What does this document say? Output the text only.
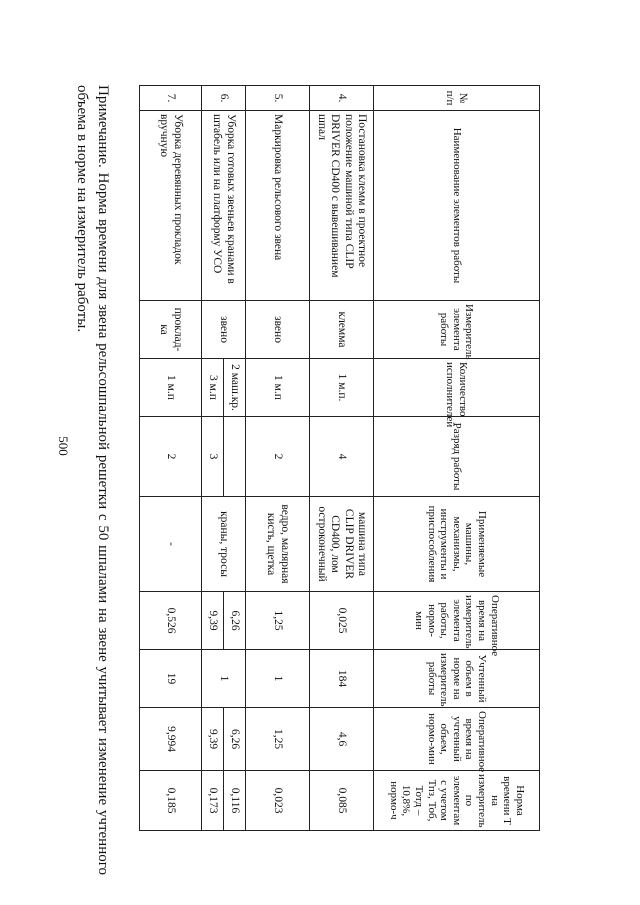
500
№ п/п	Наименование элементов работы	Измеритель элемента работы	Количество исполнителей	Разряд работы	Применяемые машины, механизмы, инструменты и приспособления	Оперативное время на измеритель элемента работы, нормо-мин	Учтенный объем в норме на измеритель работы	Оперативное время на учтенный объем, нормо-мин	Норма времени Т на измеритель по элементам с учетом Тпз, Тоб, Тотд – 10,8%, нормо-ч
4.	Постановка клемм в проектное положение машиной типа CLIP DRIVER CD400 с вывешиванием шпал	клемма	1 м.п.	4	машина типа CLIP DRIVER CD400, лом остроконечный	0,025	184	4,6	0,085
5.	Маркировка рельсового звена	звено	1 м.п	2	ведро, малярная кисть, щетка	1,25	1	1,25	0,023
6.	Уборка готовых звеньев кранами в штабель или на платформу УСО	звено	2 маш.кр.		краны, тросы	6,26	1	6,26	0,116
			3 м.п	3		9,39		9,39	0,173
7.	Уборка деревянных прокладок вручную	проклад-ка	1 м.п	2	-	0,526	19	9,994	0,185

Примечание. Норма времени для звена рельсошпальной решетки с 50 шпалами на звене учитывает изменение учтенного объема в норме на измеритель работы.
